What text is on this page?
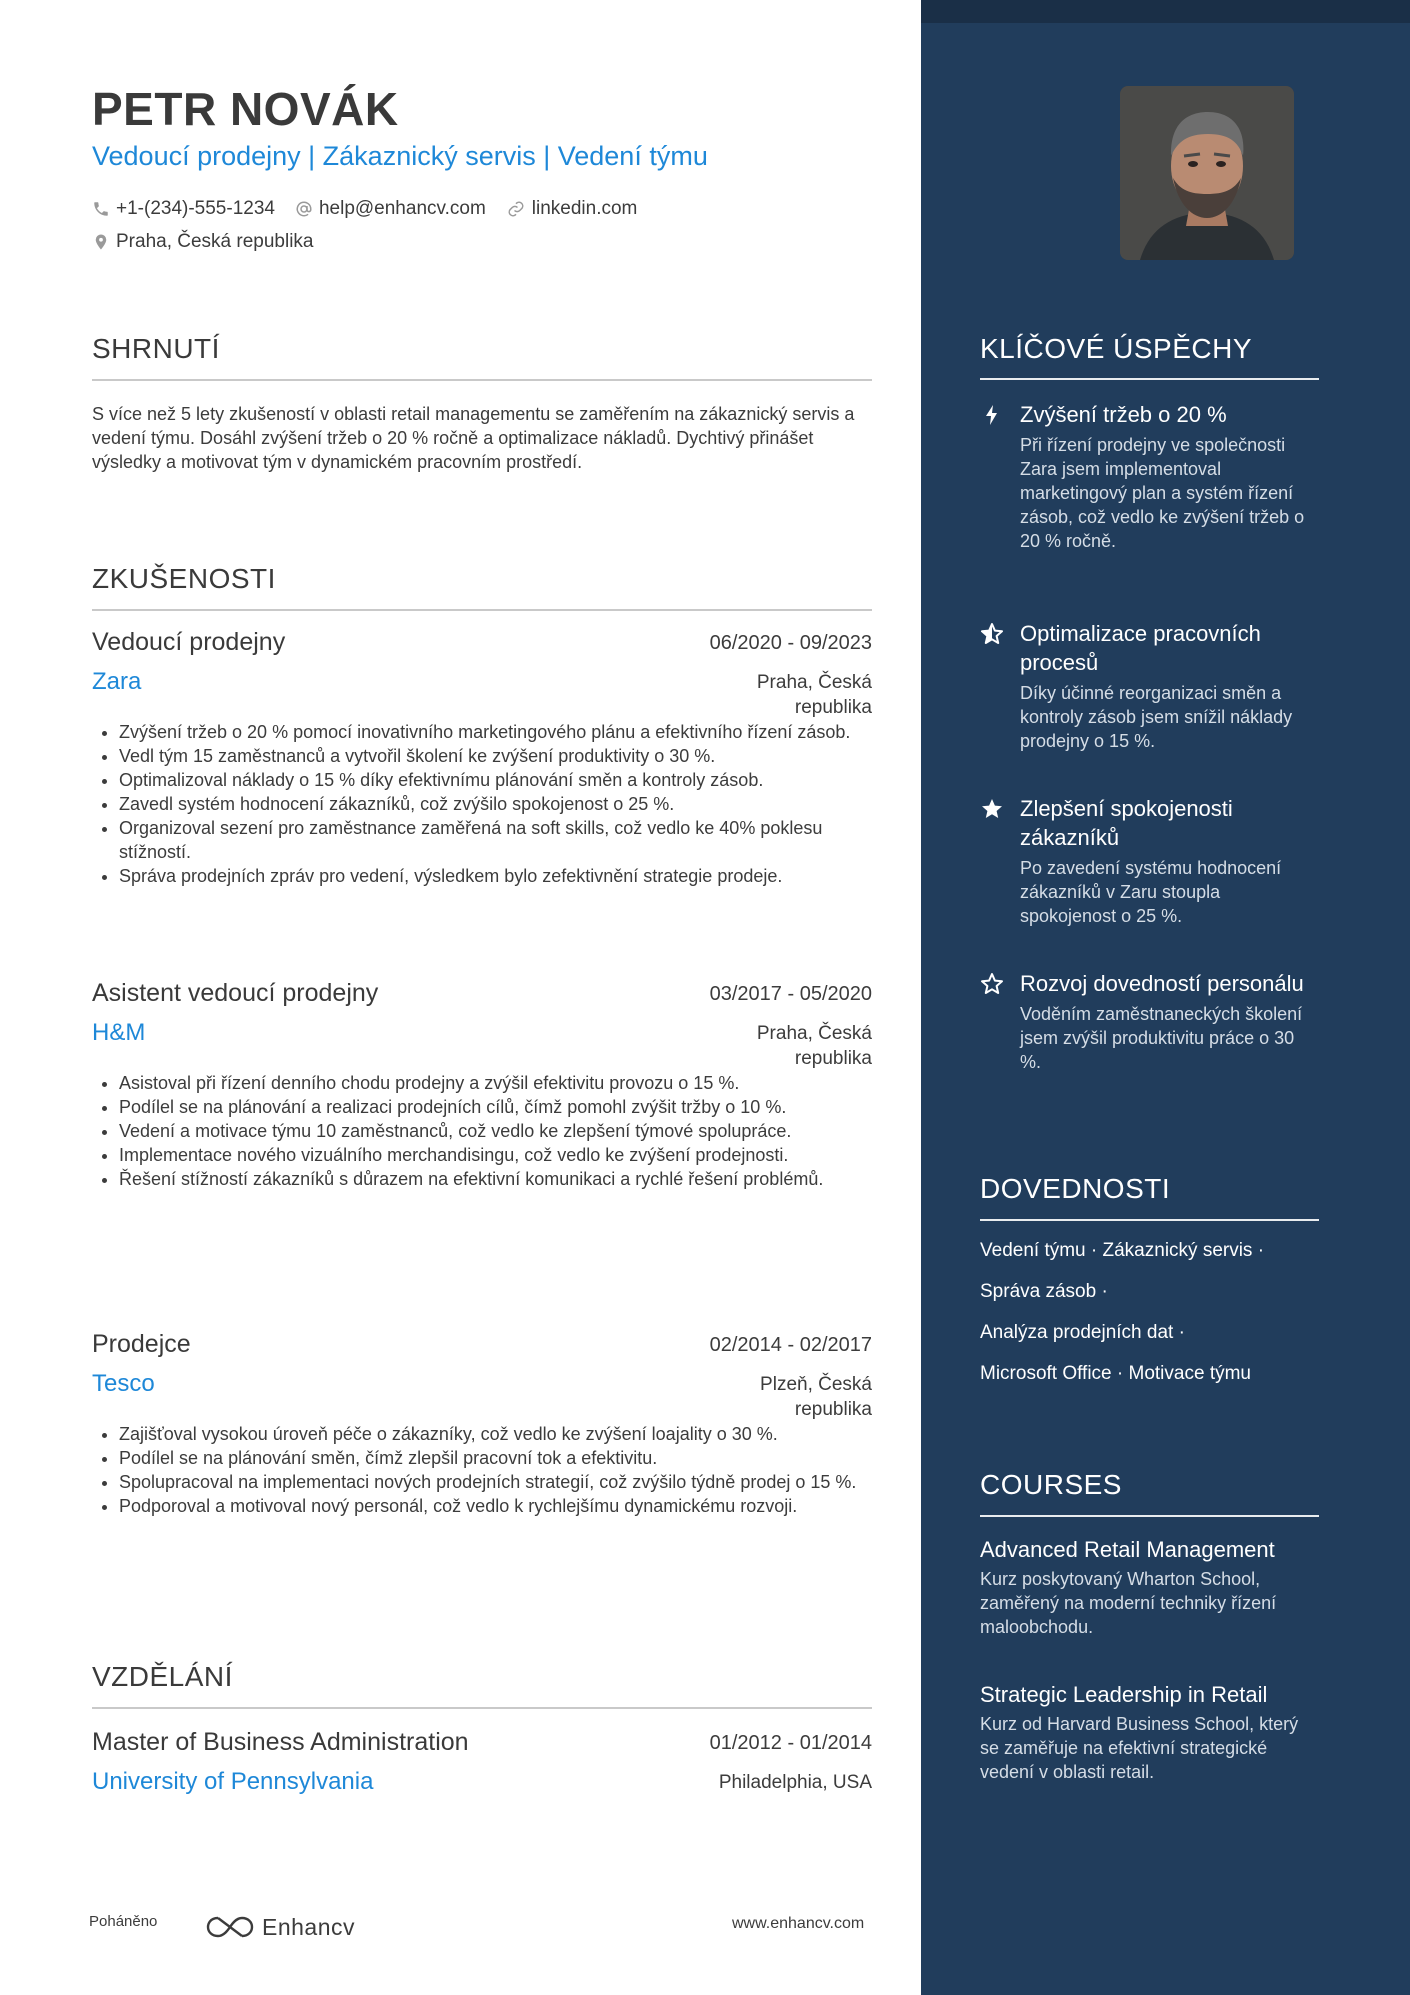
PETR NOVÁK
Vedoucí prodejny | Zákaznický servis | Vedení týmu
+1-(234)-555-1234 help@enhancv.com linkedin.com
Praha, Česká republika
SHRNUTÍ
S více než 5 lety zkušeností v oblasti retail managementu se zaměřením na zákaznický servis a vedení týmu. Dosáhl zvýšení tržeb o 20 % ročně a optimalizace nákladů. Dychtivý přinášet výsledky a motivovat tým v dynamickém pracovním prostředí.
ZKUŠENOSTI
Vedoucí prodejny	06/2020 - 09/2023
Zara	Praha, Česká republika
• Zvýšení tržeb o 20 % pomocí inovativního marketingového plánu a efektivního řízení zásob.
• Vedl tým 15 zaměstnanců a vytvořil školení ke zvýšení produktivity o 30 %.
• Optimalizoval náklady o 15 % díky efektivnímu plánování směn a kontroly zásob.
• Zavedl systém hodnocení zákazníků, což zvýšilo spokojenost o 25 %.
• Organizoval sezení pro zaměstnance zaměřená na soft skills, což vedlo ke 40% poklesu stížností.
• Správa prodejních zpráv pro vedení, výsledkem bylo zefektivnění strategie prodeje.
Asistent vedoucí prodejny	03/2017 - 05/2020
H&M	Praha, Česká republika
• Asistoval při řízení denního chodu prodejny a zvýšil efektivitu provozu o 15 %.
• Podílel se na plánování a realizaci prodejních cílů, čímž pomohl zvýšit tržby o 10 %.
• Vedení a motivace týmu 10 zaměstnanců, což vedlo ke zlepšení týmové spolupráce.
• Implementace nového vizuálního merchandisingu, což vedlo ke zvýšení prodejnosti.
• Řešení stížností zákazníků s důrazem na efektivní komunikaci a rychlé řešení problémů.
Prodejce	02/2014 - 02/2017
Tesco	Plzeň, Česká republika
• Zajišťoval vysokou úroveň péče o zákazníky, což vedlo ke zvýšení loajality o 30 %.
• Podílel se na plánování směn, čímž zlepšil pracovní tok a efektivitu.
• Spolupracoval na implementaci nových prodejních strategií, což zvýšilo týdně prodej o 15 %.
• Podporoval a motivoval nový personál, což vedlo k rychlejšímu dynamickému rozvoji.
VZDĚLÁNÍ
Master of Business Administration	01/2012 - 01/2014
University of Pennsylvania	Philadelphia, USA
KLÍČOVÉ ÚSPĚCHY
Zvýšení tržeb o 20 %
Při řízení prodejny ve společnosti Zara jsem implementoval marketingový plan a systém řízení zásob, což vedlo ke zvýšení tržeb o 20 % ročně.
Optimalizace pracovních procesů
Díky účinné reorganizaci směn a kontroly zásob jsem snížil náklady prodejny o 15 %.
Zlepšení spokojenosti zákazníků
Po zavedení systému hodnocení zákazníků v Zaru stoupla spokojenost o 25 %.
Rozvoj dovedností personálu
Voděním zaměstnaneckých školení jsem zvýšil produktivitu práce o 30 %.
DOVEDNOSTI
Vedení týmu · Zákaznický servis ·
Správa zásob ·
Analýza prodejních dat ·
Microsoft Office · Motivace týmu
COURSES
Advanced Retail Management
Kurz poskytovaný Wharton School, zaměřený na moderní techniky řízení maloobchodu.
Strategic Leadership in Retail
Kurz od Harvard Business School, který se zaměřuje na efektivní strategické vedení v oblasti retail.
Poháněno	Enhancv	www.enhancv.com
